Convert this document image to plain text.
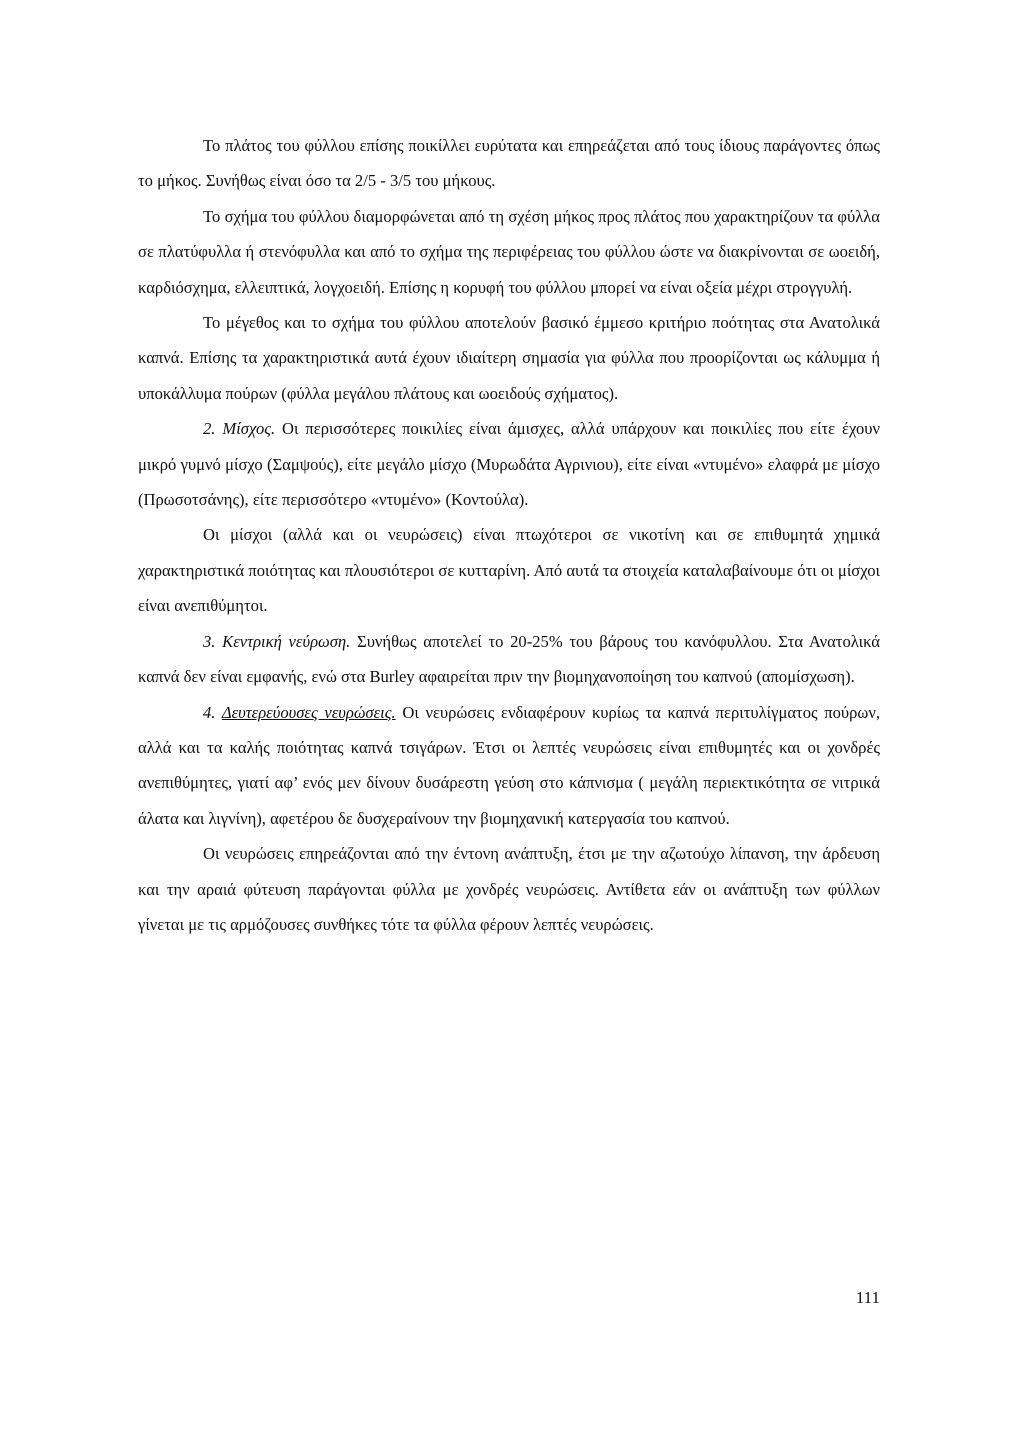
Το πλάτος του φύλλου επίσης ποικίλλει ευρύτατα και επηρεάζεται από τους ίδιους παράγοντες όπως το μήκος. Συνήθως είναι όσο τα 2/5 - 3/5 του μήκους.

Το σχήμα του φύλλου διαμορφώνεται από τη σχέση μήκος προς πλάτος που χαρακτηρίζουν τα φύλλα σε πλατύφυλλα ή στενόφυλλα και από το σχήμα της περιφέρειας του φύλλου ώστε να διακρίνονται σε ωοειδή, καρδιόσχημα, ελλειπτικά, λογχοειδή. Επίσης η κορυφή του φύλλου μπορεί να είναι οξεία μέχρι στρογγυλή.

Το μέγεθος και το σχήμα του φύλλου αποτελούν βασικό έμμεσο κριτήριο ποότητας στα Ανατολικά καπνά. Επίσης τα χαρακτηριστικά αυτά έχουν ιδιαίτερη σημασία για φύλλα που προορίζονται ως κάλυμμα ή υποκάλλυμα πούρων (φύλλα μεγάλου πλάτους και ωοειδούς σχήματος).

2. Μίσχος. Οι περισσότερες ποικιλίες είναι άμισχες, αλλά υπάρχουν και ποικιλίες που είτε έχουν μικρό γυμνό μίσχο (Σαμψούς), είτε μεγάλο μίσχο (Μυρωδάτα Αγρινιου), είτε είναι «ντυμένο» ελαφρά με μίσχο (Πρωσοτσάνης), είτε περισσότερο «ντυμένο» (Κοντούλα).

Οι μίσχοι (αλλά και οι νευρώσεις) είναι πτωχότεροι σε νικοτίνη και σε επιθυμητά χημικά χαρακτηριστικά ποιότητας και πλουσιότεροι σε κυτταρίνη. Από αυτά τα στοιχεία καταλαβαίνουμε ότι οι μίσχοι είναι ανεπιθύμητοι.

3. Κεντρική νεύρωση. Συνήθως αποτελεί το 20-25% του βάρους του κανόφυλλου. Στα Ανατολικά καπνά δεν είναι εμφανής, ενώ στα Burley αφαιρείται πριν την βιομηχανοποίηση του καπνού (απομίσχωση).

4. Δευτερεύουσες νευρώσεις. Οι νευρώσεις ενδιαφέρουν κυρίως τα καπνά περιτυλίγματος πούρων, αλλά και τα καλής ποιότητας καπνά τσιγάρων. Έτσι οι λεπτές νευρώσεις είναι επιθυμητές και οι χονδρές ανεπιθύμητες, γιατί αφ’ ενός μεν δίνουν δυσάρεστη γεύση στο κάπνισμα ( μεγάλη περιεκτικότητα σε νιτρικά άλατα και λιγνίνη), αφετέρου δε δυσχεραίνουν την βιομηχανική κατεργασία του καπνού.

Οι νευρώσεις επηρεάζονται από την έντονη ανάπτυξη, έτσι με την αζωτούχο λίπανση, την άρδευση και την αραιά φύτευση παράγονται φύλλα με χονδρές νευρώσεις. Αντίθετα εάν οι ανάπτυξη των φύλλων γίνεται με τις αρμόζουσες συνθήκες τότε τα φύλλα φέρουν λεπτές νευρώσεις.

111
